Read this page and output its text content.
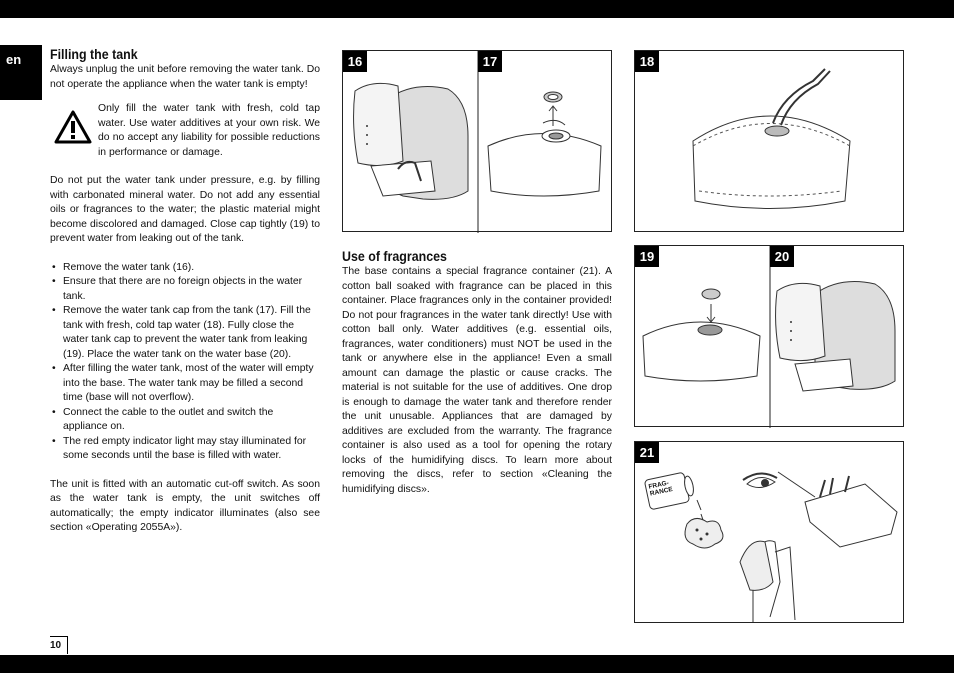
en	Filling the tank

Always unplug the unit before removing the water tank. Do not operate the appliance when the water tank is empty!

Only fill the water tank with fresh, cold tap water. Use water additives at your own risk. We do no accept any liability for possible reductions in performance or damage.

Do not put the water tank under pressure, e.g. by filling with carbonated mineral water. Do not add any essential oils or fragrances to the water; the plastic material might become discolored and damaged. Close cap tightly (19) to prevent water from leaking out of the tank.

• Remove the water tank (16).
• Ensure that there are no foreign objects in the water tank.
• Remove the water tank cap from the tank (17). Fill the tank with fresh, cold tap water (18). Fully close the water tank cap to prevent the water tank from leaking (19). Place the water tank on the water base (20).
• After filling the water tank, most of the water will empty into the base. The water tank may be filled a second time (base will not overflow).
• Connect the cable to the outlet and switch the appliance on.
• The red empty indicator light may stay illuminated for some seconds until the base is filled with water.

The unit is fitted with an automatic cut-off switch. As soon as the water tank is empty, the unit switches off automatically; the empty indicator illuminates (also see section «Operating 2055A»).

16	17
Use of fragrances

The base contains a special fragrance container (21). A cotton ball soaked with fragrance can be placed in this container. Place fragrances only in the container provided! Do not pour fragrances in the water tank directly! Use with cotton ball only. Water additives (e.g. essential oils, fragrances, water conditioners) must NOT be used in the tank or anywhere else in the appliance! Even a small amount can damage the plastic or cause cracks. The material is not suitable for the use of additives. One drop is enough to damage the water tank and therefore render the unit unusable. Appliances that are damaged by additives are excluded from the warranty. The fragrance container is also used as a tool for opening the rotary locks of the humidifying discs. To learn more about removing the discs, refer to section «Cleaning the humidifying discs».

18
19	20
FRAG- RANCE
21
10
